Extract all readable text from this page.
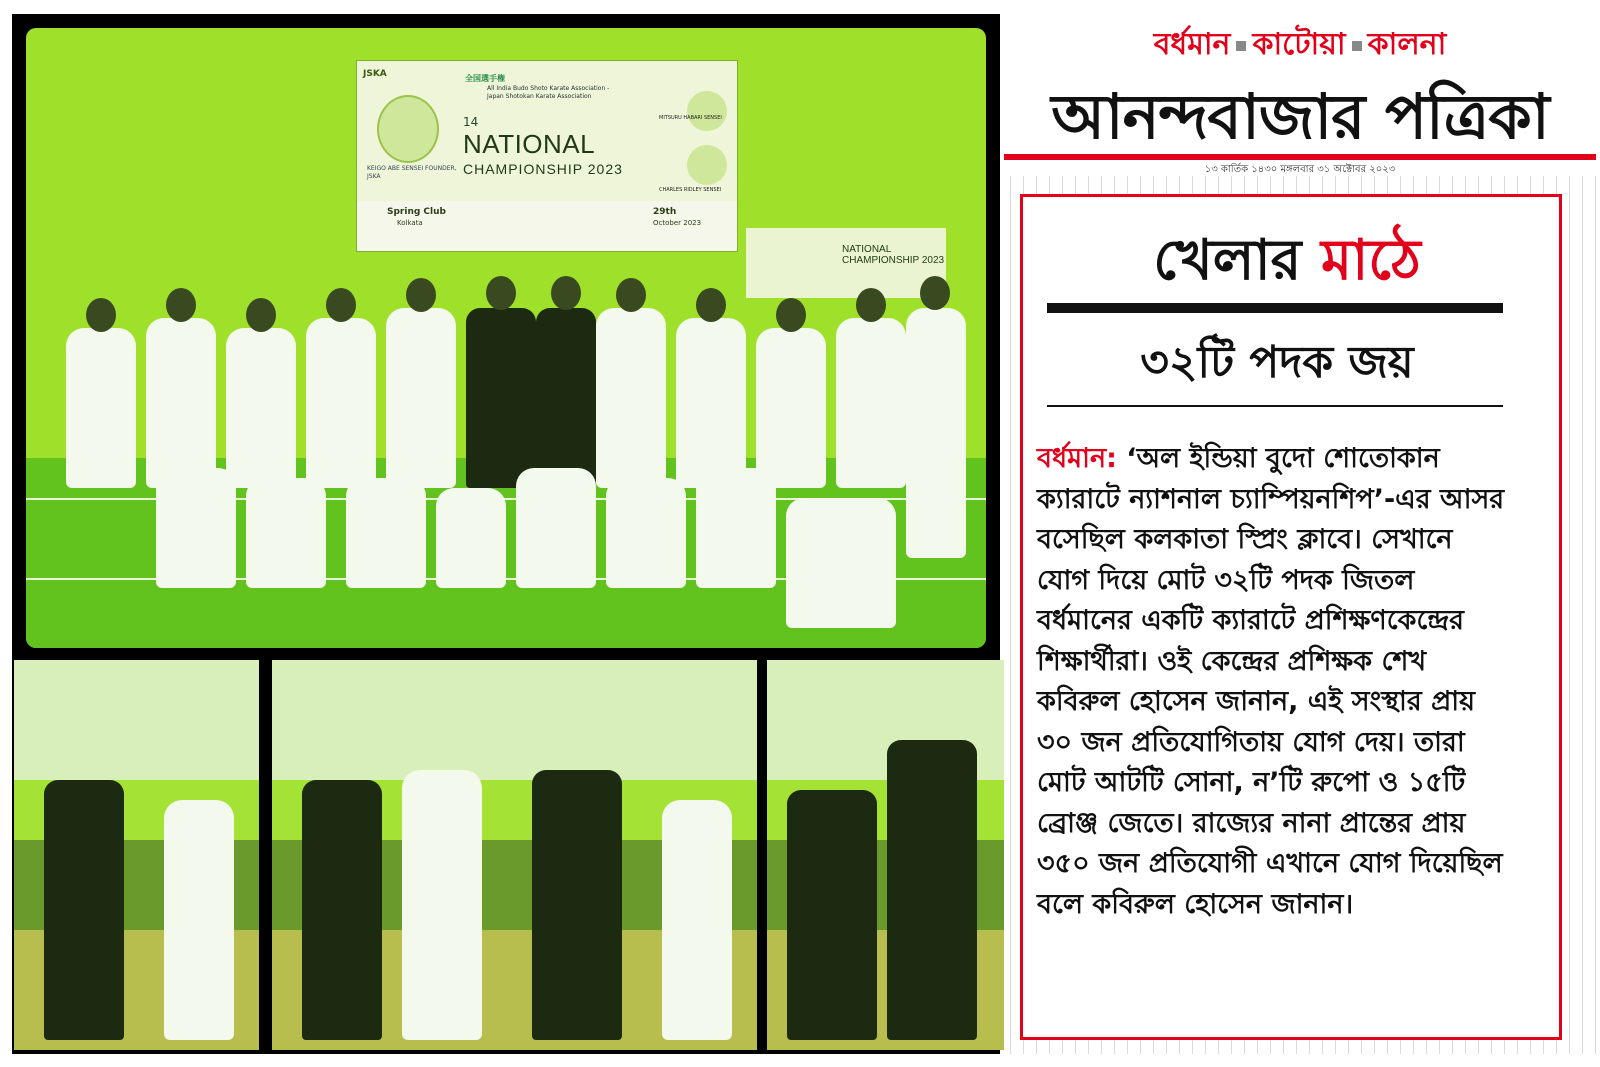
JSKA
KEIGO ABE SENSEI FOUNDER, JSKA
全国選手権
All India Budo Shoto Karate Association - Japan Shotokan Karate Association
14
NATIONAL
CHAMPIONSHIP 2023
MITSURU HABARI SENSEI
CHARLES RIDLEY SENSEI
Spring Club
Kolkata
29th
October 2023
NATIONAL CHAMPIONSHIP 2023
বর্ধমান কাটোয়া কালনা
আনন্দবাজার পত্রিকা
১৩ কার্তিক ১৪৩০ মঙ্গলবার ৩১ অক্টোবর ২০২৩
খেলার মাঠে
৩২টি পদক জয়
বর্ধমান: ‘অল ইন্ডিয়া বুদো শোতোকান ক্যারাটে ন্যাশনাল চ্যাম্পিয়নশিপ’-এর আসর বসেছিল কলকাতা স্প্রিং ক্লাবে। সেখানে যোগ দিয়ে মোট ৩২টি পদক জিতল বর্ধমানের একটি ক্যারাটে প্রশিক্ষণকেন্দ্রের শিক্ষার্থীরা। ওই কেন্দ্রের প্রশিক্ষক শেখ কবিরুল হোসেন জানান, এই সংস্থার প্রায় ৩০ জন প্রতিযোগিতায় যোগ দেয়। তারা মোট আটটি সোনা, ন’টি রুপো ও ১৫টি ব্রোঞ্জ জেতে। রাজ্যের নানা প্রান্তের প্রায় ৩৫০ জন প্রতিযোগী এখানে যোগ দিয়েছিল বলে কবিরুল হোসেন জানান।
